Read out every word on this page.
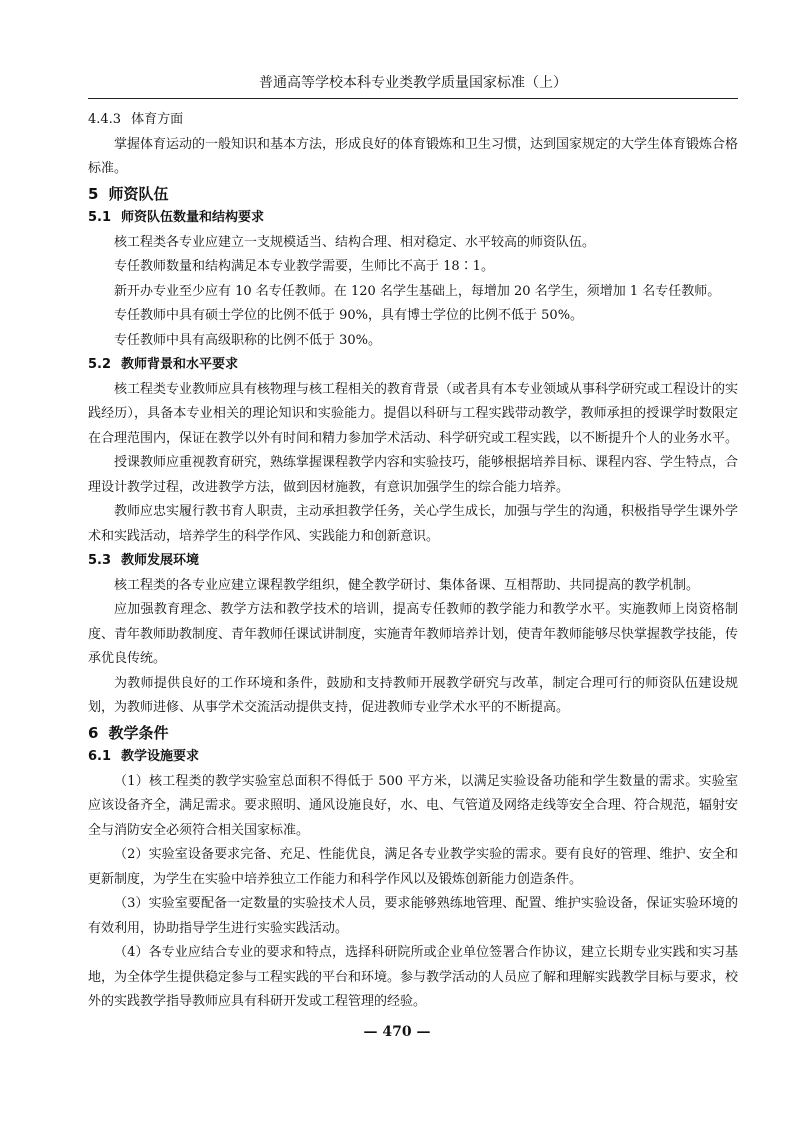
普通高等学校本科专业类教学质量国家标准（上）

4.4.3 体育方面

掌握体育运动的一般知识和基本方法，形成良好的体育锻炼和卫生习惯，达到国家规定的大学生体育锻炼合格标准。

5 师资队伍

5.1 师资队伍数量和结构要求

核工程类各专业应建立一支规模适当、结构合理、相对稳定、水平较高的师资队伍。

专任教师数量和结构满足本专业教学需要，生师比不高于 18∶1。

新开办专业至少应有 10 名专任教师。在 120 名学生基础上，每增加 20 名学生，须增加 1 名专任教师。

专任教师中具有硕士学位的比例不低于 90%，具有博士学位的比例不低于 50%。

专任教师中具有高级职称的比例不低于 30%。

5.2 教师背景和水平要求

核工程类专业教师应具有核物理与核工程相关的教育背景（或者具有本专业领域从事科学研究或工程设计的实践经历），具备本专业相关的理论知识和实验能力。提倡以科研与工程实践带动教学，教师承担的授课学时数限定在合理范围内，保证在教学以外有时间和精力参加学术活动、科学研究或工程实践，以不断提升个人的业务水平。

授课教师应重视教育研究，熟练掌握课程教学内容和实验技巧，能够根据培养目标、课程内容、学生特点，合理设计教学过程，改进教学方法，做到因材施教，有意识加强学生的综合能力培养。

教师应忠实履行教书育人职责，主动承担教学任务，关心学生成长，加强与学生的沟通，积极指导学生课外学术和实践活动，培养学生的科学作风、实践能力和创新意识。

5.3 教师发展环境

核工程类的各专业应建立课程教学组织，健全教学研讨、集体备课、互相帮助、共同提高的教学机制。

应加强教育理念、教学方法和教学技术的培训，提高专任教师的教学能力和教学水平。实施教师上岗资格制度、青年教师助教制度、青年教师任课试讲制度，实施青年教师培养计划，使青年教师能够尽快掌握教学技能，传承优良传统。

为教师提供良好的工作环境和条件，鼓励和支持教师开展教学研究与改革，制定合理可行的师资队伍建设规划，为教师进修、从事学术交流活动提供支持，促进教师专业学术水平的不断提高。

6 教学条件

6.1 教学设施要求

（1）核工程类的教学实验室总面积不得低于 500 平方米，以满足实验设备功能和学生数量的需求。实验室应该设备齐全，满足需求。要求照明、通风设施良好，水、电、气管道及网络走线等安全合理、符合规范，辐射安全与消防安全必须符合相关国家标准。

（2）实验室设备要求完备、充足、性能优良，满足各专业教学实验的需求。要有良好的管理、维护、安全和更新制度，为学生在实验中培养独立工作能力和科学作风以及锻炼创新能力创造条件。

（3）实验室要配备一定数量的实验技术人员，要求能够熟练地管理、配置、维护实验设备，保证实验环境的有效利用，协助指导学生进行实验实践活动。

（4）各专业应结合专业的要求和特点，选择科研院所或企业单位签署合作协议，建立长期专业实践和实习基地，为全体学生提供稳定参与工程实践的平台和环境。参与教学活动的人员应了解和理解实践教学目标与要求，校外的实践教学指导教师应具有科研开发或工程管理的经验。

— 470 —
